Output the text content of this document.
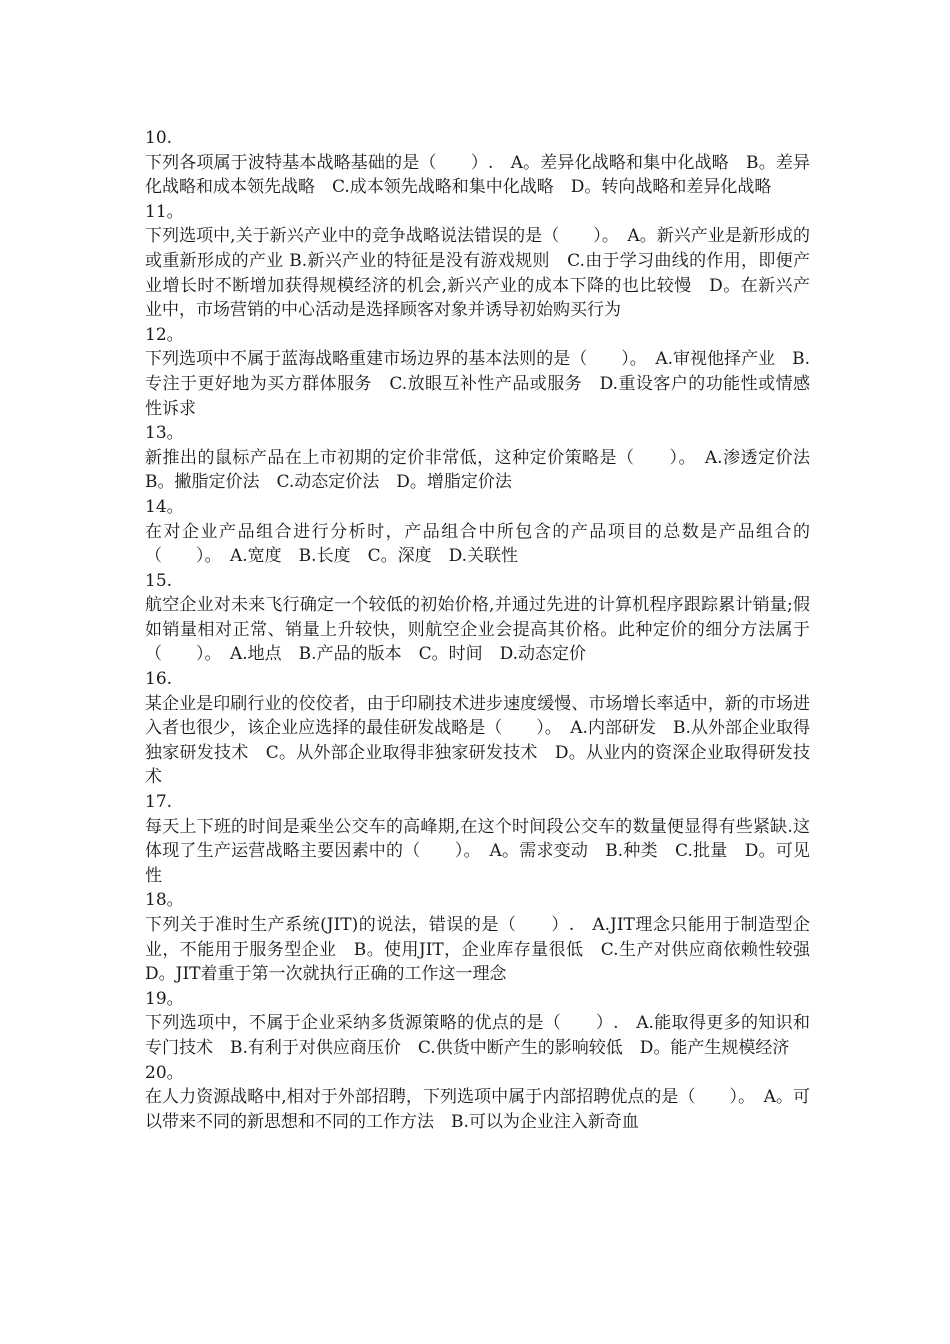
10.
下列各项属于波特基本战略基础的是（　　）.　A。差异化战略和集中化战略　B。差异化战略和成本领先战略　C.成本领先战略和集中化战略　D。转向战略和差异化战略
11。
下列选项中,关于新兴产业中的竞争战略说法错误的是（　　）。　A。新兴产业是新形成的或重新形成的产业 B.新兴产业的特征是没有游戏规则　C.由于学习曲线的作用，即便产业增长时不断增加获得规模经济的机会,新兴产业的成本下降的也比较慢　D。在新兴产业中，市场营销的中心活动是选择顾客对象并诱导初始购买行为
12。
下列选项中不属于蓝海战略重建市场边界的基本法则的是（　　）。　A.审视他择产业　B.专注于更好地为买方群体服务　C.放眼互补性产品或服务　D.重设客户的功能性或情感性诉求
13。
新推出的鼠标产品在上市初期的定价非常低，这种定价策略是（　　）。　A.渗透定价法　B。撇脂定价法　C.动态定价法　D。增脂定价法
14。
在对企业产品组合进行分析时，产品组合中所包含的产品项目的总数是产品组合的（　　）。　A.宽度　B.长度　C。深度　D.关联性
15.
航空企业对未来飞行确定一个较低的初始价格,并通过先进的计算机程序跟踪累计销量;假如销量相对正常、销量上升较快，则航空企业会提高其价格。此种定价的细分方法属于（　　）。　A.地点　B.产品的版本　C。时间　D.动态定价
16.
某企业是印刷行业的佼佼者，由于印刷技术进步速度缓慢、市场增长率适中，新的市场进入者也很少，该企业应选择的最佳研发战略是（　　）。　A.内部研发　B.从外部企业取得独家研发技术　C。从外部企业取得非独家研发技术　D。从业内的资深企业取得研发技术
17.
每天上下班的时间是乘坐公交车的高峰期,在这个时间段公交车的数量便显得有些紧缺.这体现了生产运营战略主要因素中的（　　）。　A。需求变动　B.种类　C.批量　D。可见性
18。
下列关于准时生产系统(JIT)的说法，错误的是（　　）.　A.JIT理念只能用于制造型企业，不能用于服务型企业　B。使用JIT，企业库存量很低　C.生产对供应商依赖性较强　D。JIT着重于第一次就执行正确的工作这一理念
19。
下列选项中，不属于企业采纳多货源策略的优点的是（　　）.　A.能取得更多的知识和专门技术　B.有利于对供应商压价　C.供货中断产生的影响较低　D。能产生规模经济
20。
在人力资源战略中,相对于外部招聘，下列选项中属于内部招聘优点的是（　　）。　A。可以带来不同的新思想和不同的工作方法　B.可以为企业注入新奇血
